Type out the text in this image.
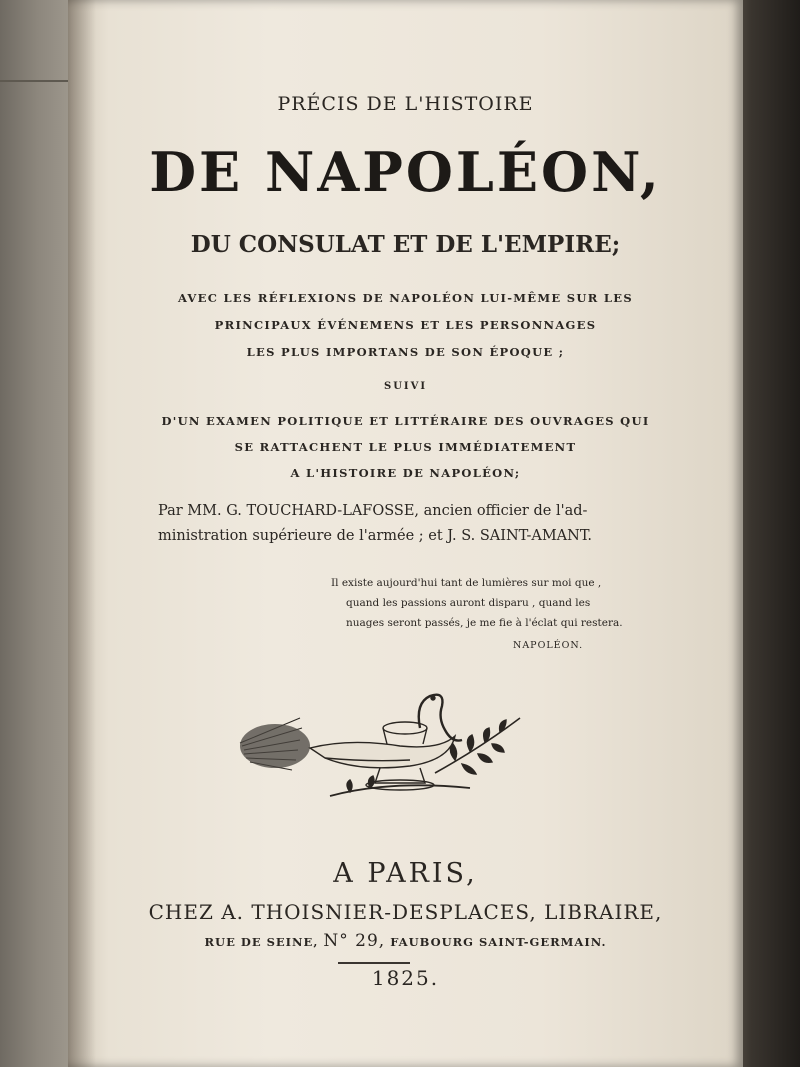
PRÉCIS DE L'HISTOIRE
DE NAPOLÉON,
DU CONSULAT ET DE L'EMPIRE;
AVEC LES RÉFLEXIONS DE NAPOLÉON LUI-MÊME SUR LES
PRINCIPAUX ÉVÉNEMENS ET LES PERSONNAGES
LES PLUS IMPORTANS DE SON ÉPOQUE ;
SUIVI
D'UN EXAMEN POLITIQUE ET LITTÉRAIRE DES OUVRAGES QUI
SE RATTACHENT LE PLUS IMMÉDIATEMENT
A L'HISTOIRE DE NAPOLÉON;
Par MM. G. TOUCHARD-LAFOSSE, ancien officier de l'ad-
ministration supérieure de l'armée ; et J. S. SAINT-AMANT.
Il existe aujourd'hui tant de lumières sur moi que ,
quand les passions auront disparu , quand les
nuages seront passés, je me fie à l'éclat qui restera.
NAPOLÉON.
A PARIS,
CHEZ A. THOISNIER-DESPLACES, LIBRAIRE,
RUE DE SEINE, N° 29, FAUBOURG SAINT-GERMAIN.
1825.
